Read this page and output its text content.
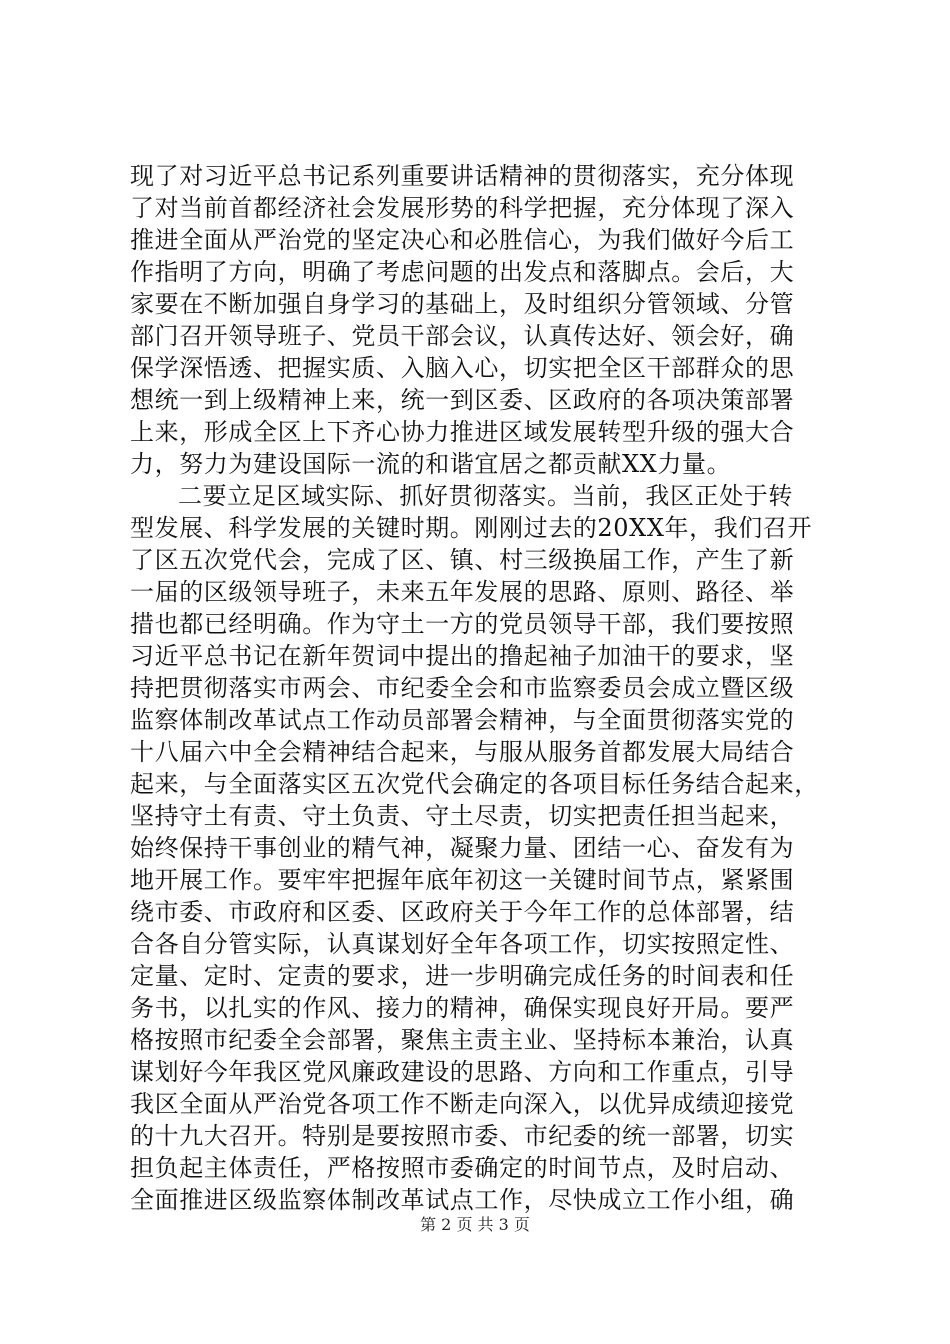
现了对习近平总书记系列重要讲话精神的贯彻落实，充分体现
了对当前首都经济社会发展形势的科学把握，充分体现了深入
推进全面从严治党的坚定决心和必胜信心，为我们做好今后工
作指明了方向，明确了考虑问题的出发点和落脚点。会后，大
家要在不断加强自身学习的基础上，及时组织分管领域、分管
部门召开领导班子、党员干部会议，认真传达好、领会好，确
保学深悟透、把握实质、入脑入心，切实把全区干部群众的思
想统一到上级精神上来，统一到区委、区政府的各项决策部署
上来，形成全区上下齐心协力推进区域发展转型升级的强大合
力，努力为建设国际一流的和谐宜居之都贡献XX力量。
二要立足区域实际、抓好贯彻落实。当前，我区正处于转
型发展、科学发展的关键时期。刚刚过去的20XX年，我们召开
了区五次党代会，完成了区、镇、村三级换届工作，产生了新
一届的区级领导班子，未来五年发展的思路、原则、路径、举
措也都已经明确。作为守土一方的党员领导干部，我们要按照
习近平总书记在新年贺词中提出的撸起袖子加油干的要求，坚
持把贯彻落实市两会、市纪委全会和市监察委员会成立暨区级
监察体制改革试点工作动员部署会精神，与全面贯彻落实党的
十八届六中全会精神结合起来，与服从服务首都发展大局结合
起来，与全面落实区五次党代会确定的各项目标任务结合起来，
坚持守土有责、守土负责、守土尽责，切实把责任担当起来，
始终保持干事创业的精气神，凝聚力量、团结一心、奋发有为
地开展工作。要牢牢把握年底年初这一关键时间节点，紧紧围
绕市委、市政府和区委、区政府关于今年工作的总体部署，结
合各自分管实际，认真谋划好全年各项工作，切实按照定性、
定量、定时、定责的要求，进一步明确完成任务的时间表和任
务书，以扎实的作风、接力的精神，确保实现良好开局。要严
格按照市纪委全会部署，聚焦主责主业、坚持标本兼治，认真
谋划好今年我区党风廉政建设的思路、方向和工作重点，引导
我区全面从严治党各项工作不断走向深入，以优异成绩迎接党
的十九大召开。特别是要按照市委、市纪委的统一部署，切实
担负起主体责任，严格按照市委确定的时间节点，及时启动、
全面推进区级监察体制改革试点工作，尽快成立工作小组，确
第 2 页 共 3 页
